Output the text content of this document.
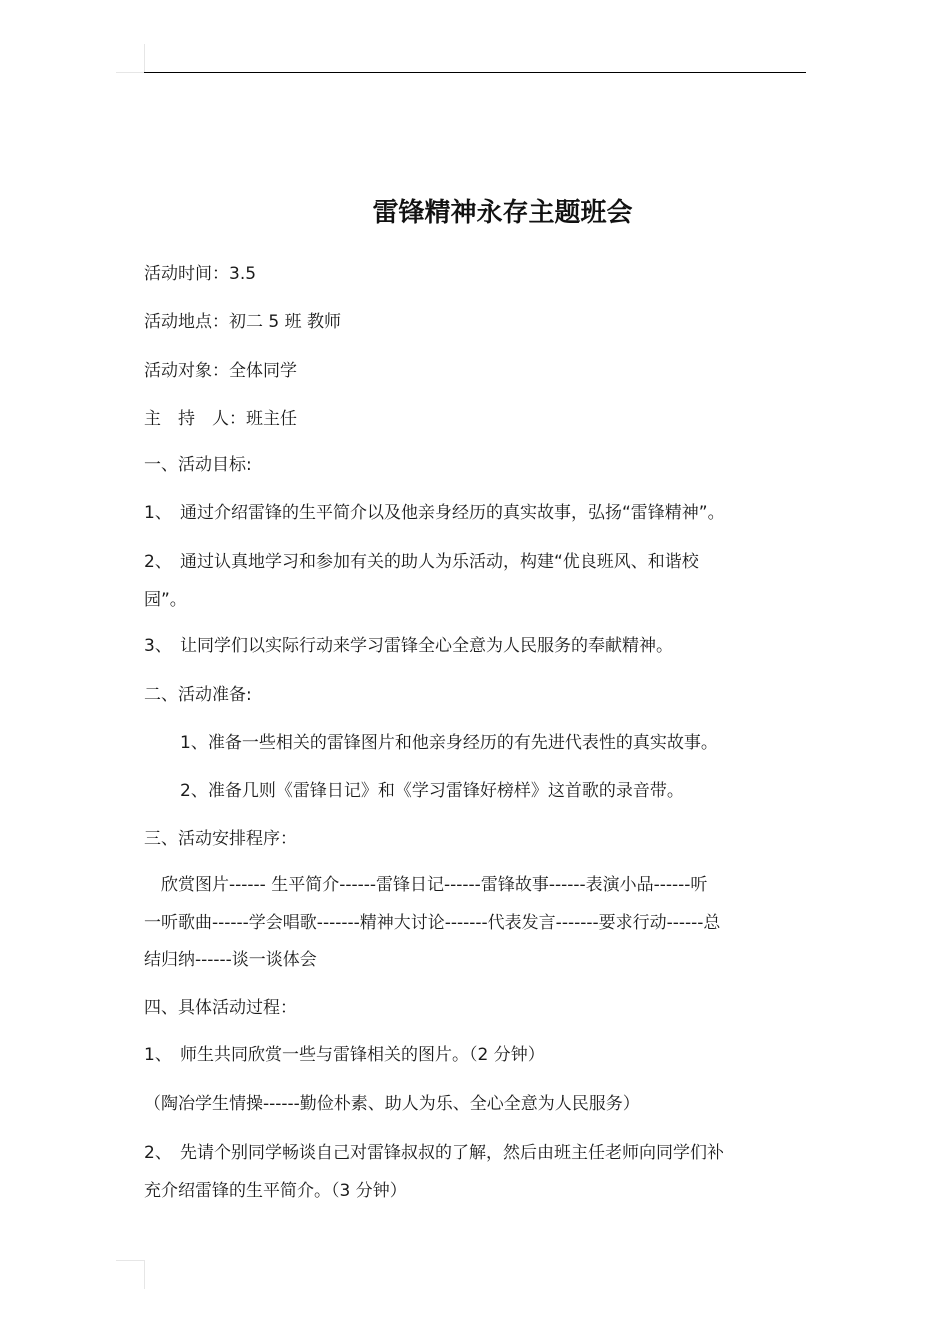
雷锋精神永存主题班会
活动时间：3.5
活动地点：初二 5 班 教师
活动对象：全体同学
主　持　人：班主任
一、活动目标:
1、 通过介绍雷锋的生平简介以及他亲身经历的真实故事，弘扬“雷锋精神”。
2、 通过认真地学习和参加有关的助人为乐活动，构建“优良班风、和谐校
园”。
3、 让同学们以实际行动来学习雷锋全心全意为人民服务的奉献精神。
二、活动准备:
1、准备一些相关的雷锋图片和他亲身经历的有先进代表性的真实故事。
2、准备几则《雷锋日记》和《学习雷锋好榜样》这首歌的录音带。
三、活动安排程序：
　欣赏图片------ 生平简介------雷锋日记------雷锋故事------表演小品------听
一听歌曲------学会唱歌-------精神大讨论-------代表发言-------要求行动------总
结归纳------谈一谈体会
四、具体活动过程：
1、 师生共同欣赏一些与雷锋相关的图片。（2 分钟）
（陶冶学生情操------勤俭朴素、助人为乐、全心全意为人民服务）
2、 先请个别同学畅谈自己对雷锋叔叔的了解，然后由班主任老师向同学们补
充介绍雷锋的生平简介。（3 分钟）
